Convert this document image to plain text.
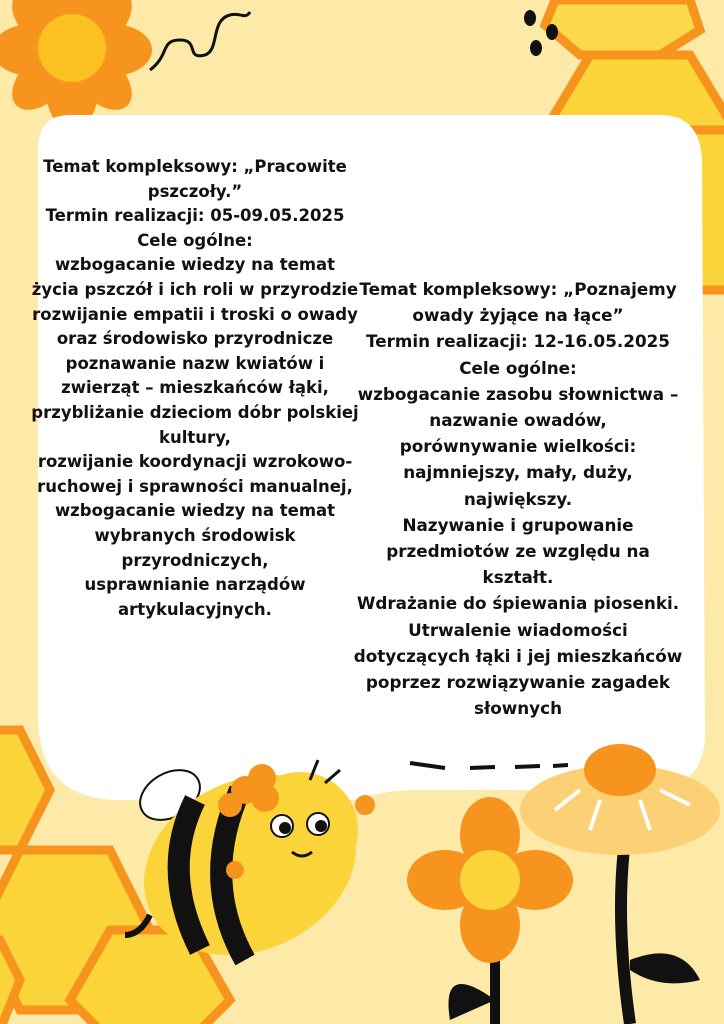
Temat kompleksowy: „Pracowite pszczoły.”

Termin realizacji: 05-09.05.2025

Cele ogólne:

wzbogacanie wiedzy na temat życia pszczół i ich roli w przyrodzie

rozwijanie empatii i troski o owady oraz środowisko przyrodnicze

poznawanie nazw kwiatów i zwierząt – mieszkańców łąki,

przybliżanie dzieciom dóbr polskiej kultury,

rozwijanie koordynacji wzrokowo-ruchowej i sprawności manualnej,

wzbogacanie wiedzy na temat wybranych środowisk przyrodniczych,

usprawnianie narządów artykulacyjnych.

Temat kompleksowy: „Poznajemy owady żyjące na łące”

Termin realizacji: 12-16.05.2025

Cele ogólne:

wzbogacanie zasobu słownictwa – nazwanie owadów,

porównywanie wielkości: najmniejszy, mały, duży, największy.

Nazywanie i grupowanie przedmiotów ze względu na kształt.

Wdrażanie do śpiewania piosenki.

Utrwalenie wiadomości dotyczących łąki i jej mieszkańców poprzez rozwiązywanie zagadek słownych
